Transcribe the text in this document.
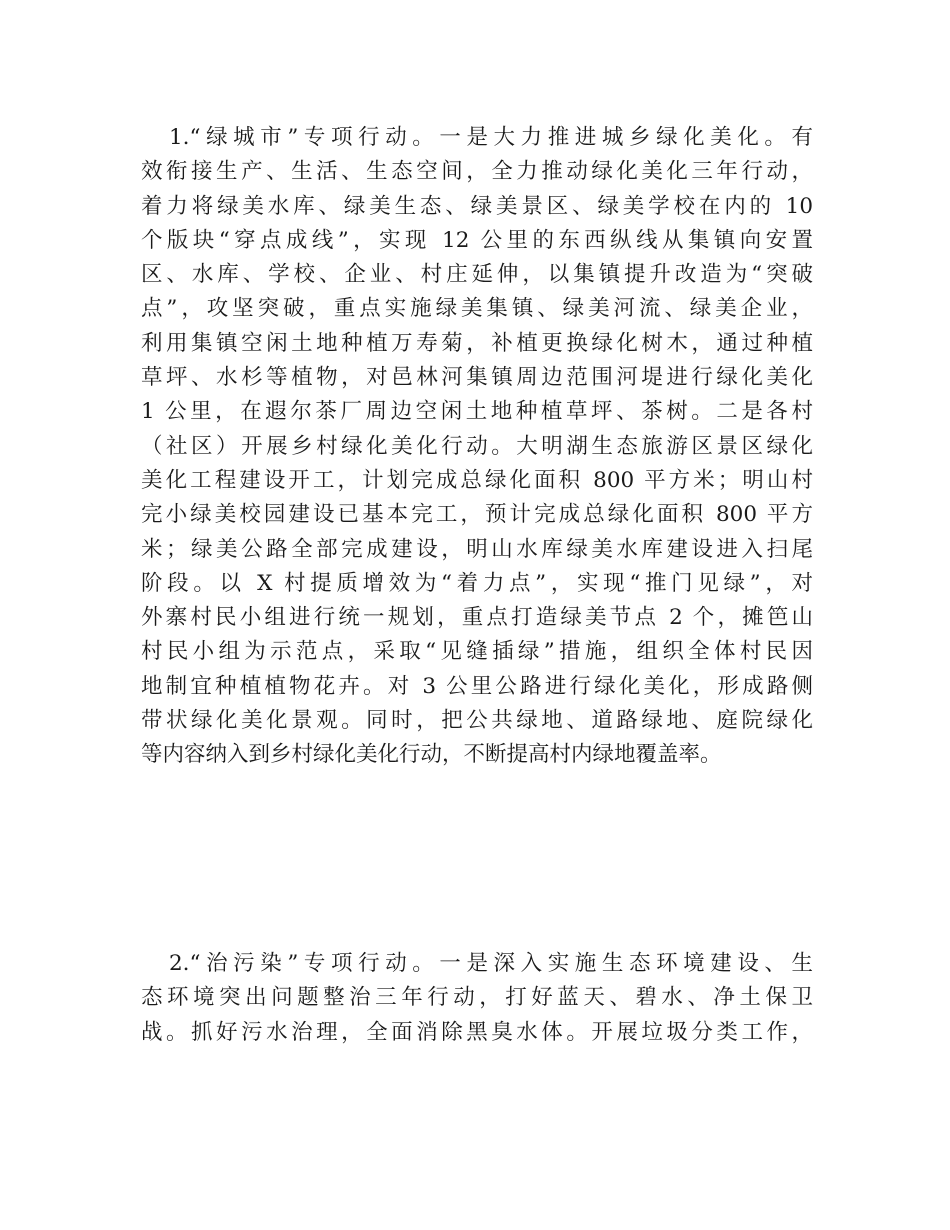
1.“绿城市”专项行动。一是大力推进城乡绿化美化。有
效衔接生产、生活、生态空间，全力推动绿化美化三年行动，
着力将绿美水库、绿美生态、绿美景区、绿美学校在内的 10
个版块“穿点成线”，实现 12 公里的东西纵线从集镇向安置
区、水库、学校、企业、村庄延伸，以集镇提升改造为“突破
点”，攻坚突破，重点实施绿美集镇、绿美河流、绿美企业，
利用集镇空闲土地种植万寿菊，补植更换绿化树木，通过种植
草坪、水杉等植物，对邑林河集镇周边范围河堤进行绿化美化
1 公里，在遐尔茶厂周边空闲土地种植草坪、茶树。二是各村
（社区）开展乡村绿化美化行动。大明湖生态旅游区景区绿化
美化工程建设开工，计划完成总绿化面积 800 平方米；明山村
完小绿美校园建设已基本完工，预计完成总绿化面积 800 平方
米；绿美公路全部完成建设，明山水库绿美水库建设进入扫尾
阶段。以 X 村提质增效为“着力点”，实现“推门见绿”，对
外寨村民小组进行统一规划，重点打造绿美节点 2 个，摊笆山
村民小组为示范点，采取“见缝插绿”措施，组织全体村民因
地制宜种植植物花卉。对 3 公里公路进行绿化美化，形成路侧
带状绿化美化景观。同时，把公共绿地、道路绿地、庭院绿化
等内容纳入到乡村绿化美化行动，不断提高村内绿地覆盖率。
2.“治污染”专项行动。一是深入实施生态环境建设、生
态环境突出问题整治三年行动，打好蓝天、碧水、净土保卫
战。抓好污水治理，全面消除黑臭水体。开展垃圾分类工作，
